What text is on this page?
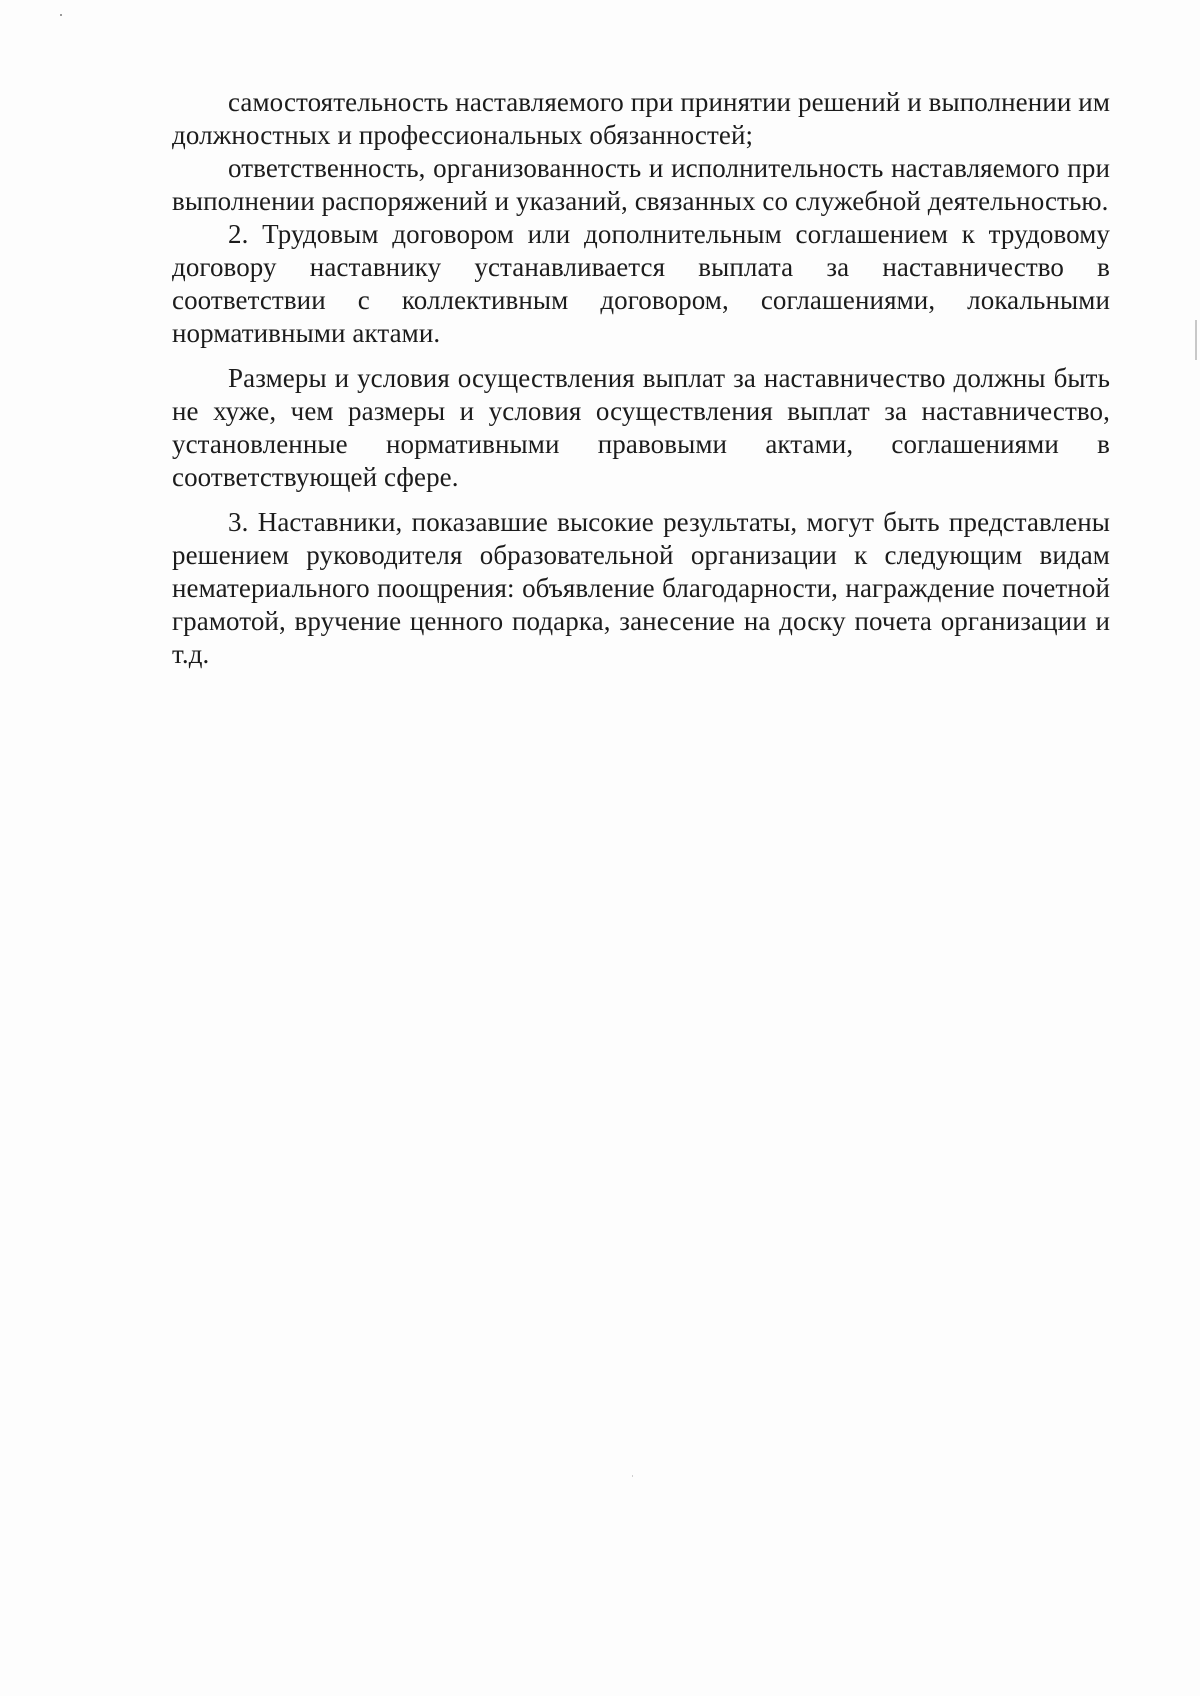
самостоятельность наставляемого при принятии решений и выполнении им должностных и профессиональных обязанностей;

ответственность, организованность и исполнительность наставляемого при выполнении распоряжений и указаний, связанных со служебной деятельностью.

2. Трудовым договором или дополнительным соглашением к трудовому договору наставнику устанавливается выплата за наставничество в соответствии с коллективным договором, соглашениями, локальными нормативными актами.

Размеры и условия осуществления выплат за наставничество должны быть не хуже, чем размеры и условия осуществления выплат за наставничество, установленные нормативными правовыми актами, соглашениями в соответствующей сфере.

3. Наставники, показавшие высокие результаты, могут быть представлены решением руководителя образовательной организации к следующим видам нематериального поощрения: объявление благодарности, награждение почетной грамотой, вручение ценного подарка, занесение на доску почета организации и т.д.
